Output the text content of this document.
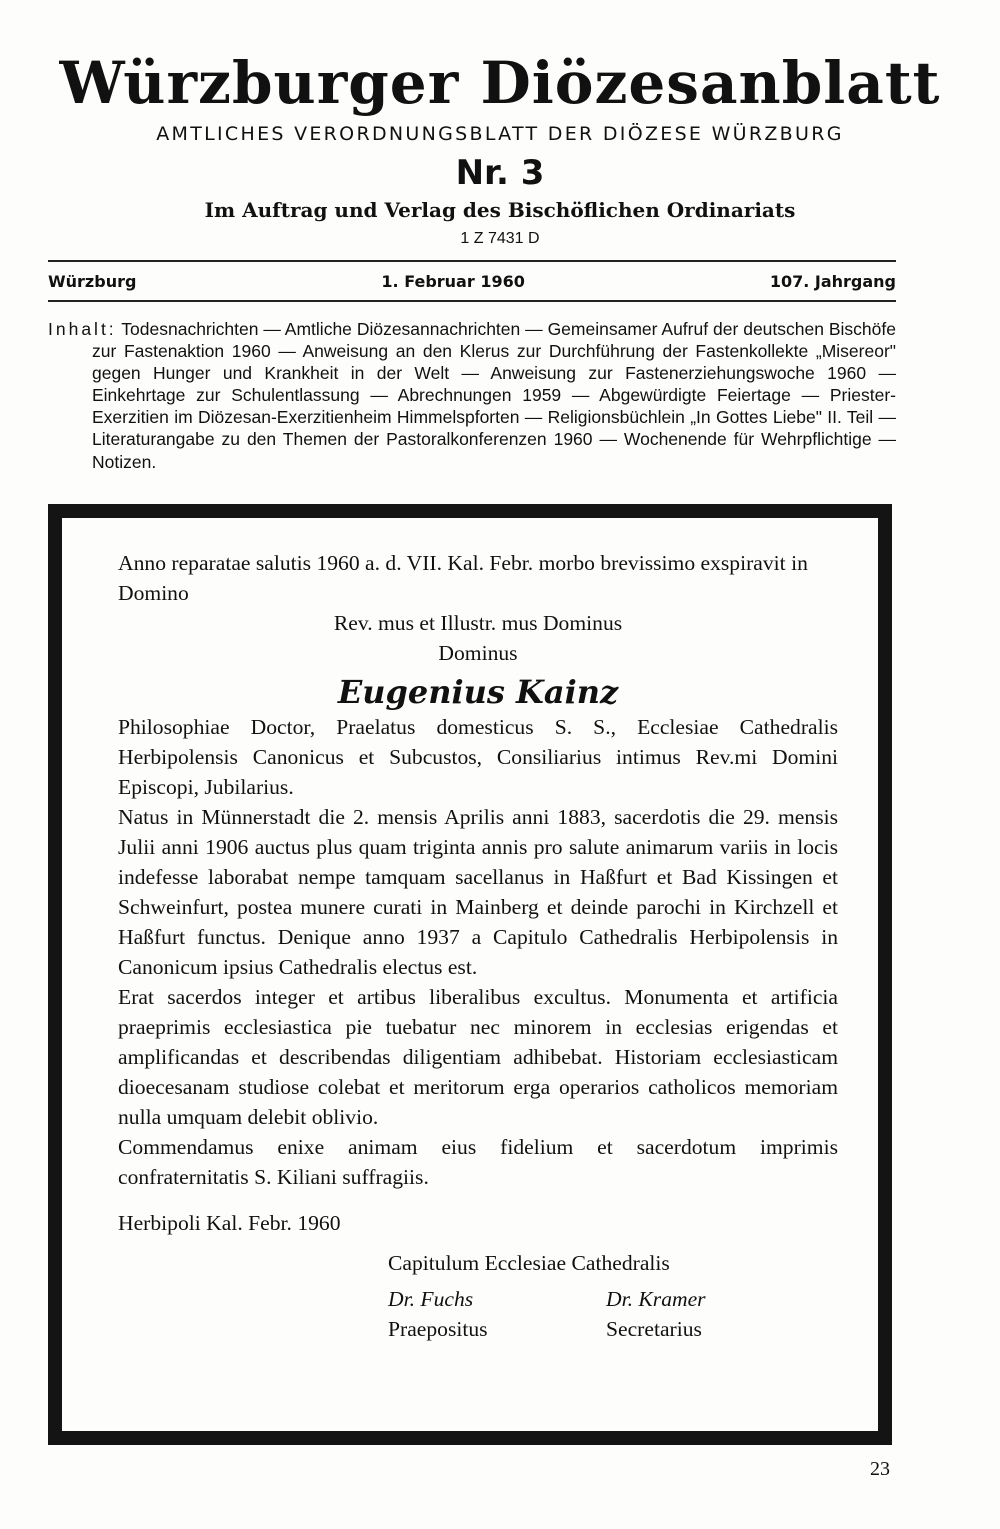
Würzburger Diözesanblatt
AMTLICHES VERORDNUNGSBLATT DER DIÖZESE WÜRZBURG
Nr. 3
Im Auftrag und Verlag des Bischöflichen Ordinariats
1 Z 7431 D
Würzburg	1. Februar 1960	107. Jahrgang
Inhalt: Todesnachrichten — Amtliche Diözesannachrichten — Gemeinsamer Aufruf der deutschen Bischöfe zur Fastenaktion 1960 — Anweisung an den Klerus zur Durchführung der Fastenkollekte „Misereor" gegen Hunger und Krankheit in der Welt — Anweisung zur Fastenerziehungswoche 1960 — Einkehrtage zur Schulentlassung — Abrechnungen 1959 — Abgewürdigte Feiertage — Priester-Exerzitien im Diözesan-Exerzitienheim Himmelspforten — Religionsbüchlein „In Gottes Liebe" II. Teil — Literaturangabe zu den Themen der Pastoralkonferenzen 1960 — Wochenende für Wehrpflichtige — Notizen.

Anno reparatae salutis 1960 a. d. VII. Kal. Febr. morbo brevissimo exspiravit in Domino

Rev. mus et Illustr. mus Dominus

Dominus

Eugenius Kainz

Philosophiae Doctor, Praelatus domesticus S. S., Ecclesiae Cathedralis Herbipolensis Canonicus et Subcustos, Consiliarius intimus Rev.mi Domini Episcopi, Jubilarius.

Natus in Münnerstadt die 2. mensis Aprilis anni 1883, sacerdotis die 29. mensis Julii anni 1906 auctus plus quam triginta annis pro salute animarum variis in locis indefesse laborabat nempe tamquam sacellanus in Haßfurt et Bad Kissingen et Schweinfurt, postea munere curati in Mainberg et deinde parochi in Kirchzell et Haßfurt functus. Denique anno 1937 a Capitulo Cathedralis Herbipolensis in Canonicum ipsius Cathedralis electus est.

Erat sacerdos integer et artibus liberalibus excultus. Monumenta et artificia praeprimis ecclesiastica pie tuebatur nec minorem in ecclesias erigendas et amplificandas et describendas diligentiam adhibebat. Historiam ecclesiasticam dioecesanam studiose colebat et meritorum erga operarios catholicos memoriam nulla umquam delebit oblivio.

Commendamus enixe animam eius fidelium et sacerdotum imprimis confraternitatis S. Kiliani suffragiis.

Herbipoli Kal. Febr. 1960

Capitulum Ecclesiae Cathedralis
Dr. Fuchs
Praepositus
Dr. Kramer
Secretarius
23
